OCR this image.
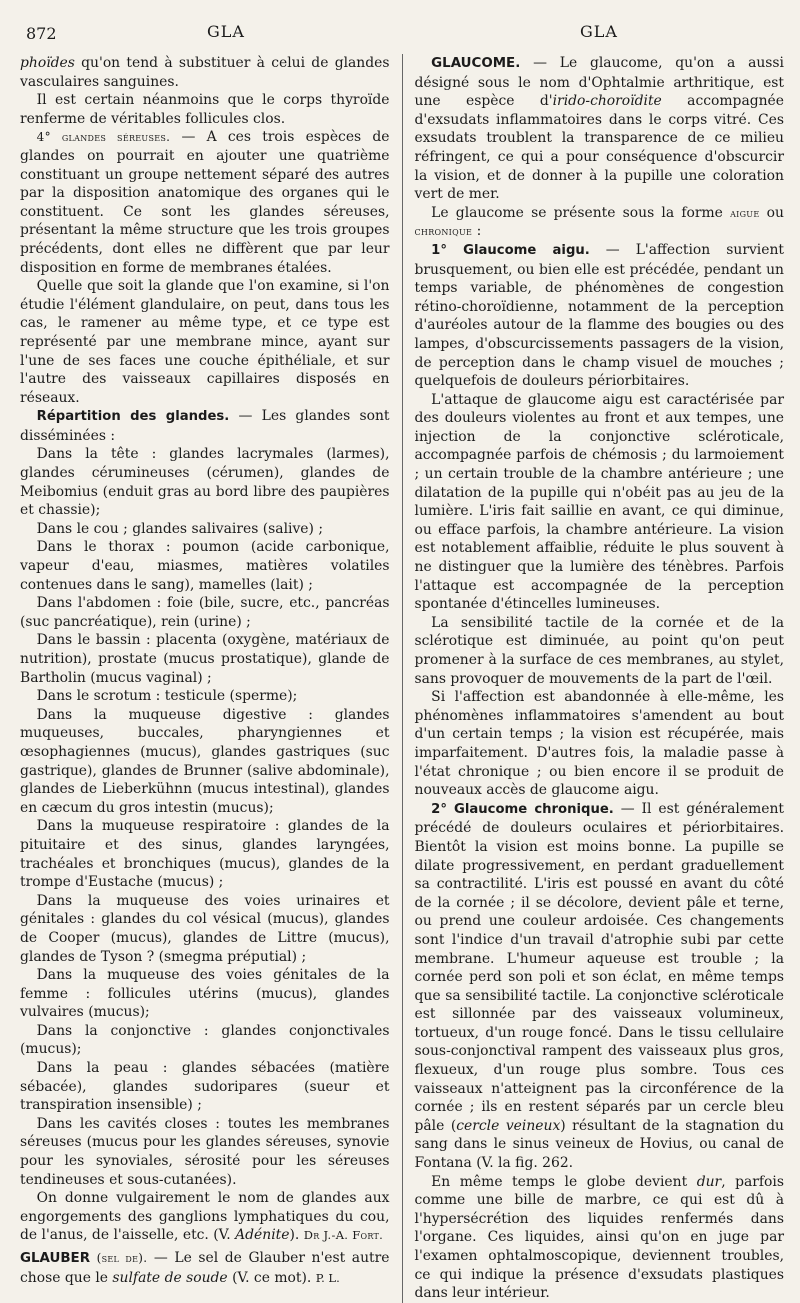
872	GLA	GLA

phoïdes qu'on tend à substituer à celui de glandes vasculaires sanguines.

Il est certain néanmoins que le corps thyroïde renferme de véritables follicules clos.

4° glandes séreuses. — A ces trois espèces de glandes on pourrait en ajouter une quatrième constituant un groupe nettement séparé des autres par la disposition anatomique des organes qui le constituent. Ce sont les glandes séreuses, présentant la même structure que les trois groupes précédents, dont elles ne diffèrent que par leur disposition en forme de membranes étalées.

Quelle que soit la glande que l'on examine, si l'on étudie l'élément glandulaire, on peut, dans tous les cas, le ramener au même type, et ce type est représenté par une membrane mince, ayant sur l'une de ses faces une couche épithéliale, et sur l'autre des vaisseaux capillaires disposés en réseaux.

Répartition des glandes. — Les glandes sont disséminées :

Dans la tête : glandes lacrymales (larmes), glandes cérumineuses (cérumen), glandes de Meibomius (enduit gras au bord libre des paupières et chassie);

Dans le cou ; glandes salivaires (salive) ;

Dans le thorax : poumon (acide carbonique, vapeur d'eau, miasmes, matières volatiles contenues dans le sang), mamelles (lait) ;

Dans l'abdomen : foie (bile, sucre, etc., pancréas (suc pancréatique), rein (urine) ;

Dans le bassin : placenta (oxygène, matériaux de nutrition), prostate (mucus prostatique), glande de Bartholin (mucus vaginal) ;

Dans le scrotum : testicule (sperme);

Dans la muqueuse digestive : glandes muqueuses, buccales, pharyngiennes et œsophagiennes (mucus), glandes gastriques (suc gastrique), glandes de Brunner (salive abdominale), glandes de Lieberkühnn (mucus intestinal), glandes en cæcum du gros intestin (mucus);

Dans la muqueuse respiratoire : glandes de la pituitaire et des sinus, glandes laryngées, trachéales et bronchiques (mucus), glandes de la trompe d'Eustache (mucus) ;

Dans la muqueuse des voies urinaires et génitales : glandes du col vésical (mucus), glandes de Cooper (mucus), glandes de Littre (mucus), glandes de Tyson ? (smegma préputial) ;

Dans la muqueuse des voies génitales de la femme : follicules utérins (mucus), glandes vulvaires (mucus);

Dans la conjonctive : glandes conjonctivales (mucus);

Dans la peau : glandes sébacées (matière sébacée), glandes sudoripares (sueur et transpiration insensible) ;

Dans les cavités closes : toutes les membranes séreuses (mucus pour les glandes séreuses, synovie pour les synoviales, sérosité pour les séreuses tendineuses et sous-cutanées).

On donne vulgairement le nom de glandes aux engorgements des ganglions lymphatiques du cou, de l'anus, de l'aisselle, etc. (V. Adénite). Dr J.-A. Fort.

GLAUBER (sel de). — Le sel de Glauber n'est autre chose que le sulfate de soude (V. ce mot). P. L.

GLAUCOME. — Le glaucome, qu'on a aussi désigné sous le nom d'Ophtalmie arthritique, est une espèce d'irido-choroïdite accompagnée d'exsudats inflammatoires dans le corps vitré. Ces exsudats troublent la transparence de ce milieu réfringent, ce qui a pour conséquence d'obscurcir la vision, et de donner à la pupille une coloration vert de mer.

Le glaucome se présente sous la forme aigue ou chronique :

1° Glaucome aigu. — L'affection survient brusquement, ou bien elle est précédée, pendant un temps variable, de phénomènes de congestion rétino-choroïdienne, notamment de la perception d'auréoles autour de la flamme des bougies ou des lampes, d'obscurcissements passagers de la vision, de perception dans le champ visuel de mouches ; quelquefois de douleurs périorbitaires.

L'attaque de glaucome aigu est caractérisée par des douleurs violentes au front et aux tempes, une injection de la conjonctive scléroticale, accompagnée parfois de chémosis ; du larmoiement ; un certain trouble de la chambre antérieure ; une dilatation de la pupille qui n'obéit pas au jeu de la lumière. L'iris fait saillie en avant, ce qui diminue, ou efface parfois, la chambre antérieure. La vision est notablement affaiblie, réduite le plus souvent à ne distinguer que la lumière des ténèbres. Parfois l'attaque est accompagnée de la perception spontanée d'étincelles lumineuses.

La sensibilité tactile de la cornée et de la sclérotique est diminuée, au point qu'on peut promener à la surface de ces membranes, au stylet, sans provoquer de mouvements de la part de l'œil.

Si l'affection est abandonnée à elle-même, les phénomènes inflammatoires s'amendent au bout d'un certain temps ; la vision est récupérée, mais imparfaitement. D'autres fois, la maladie passe à l'état chronique ; ou bien encore il se produit de nouveaux accès de glaucome aigu.

2° Glaucome chronique. — Il est généralement précédé de douleurs oculaires et périorbitaires. Bientôt la vision est moins bonne. La pupille se dilate progressivement, en perdant graduellement sa contractilité. L'iris est poussé en avant du côté de la cornée ; il se décolore, devient pâle et terne, ou prend une couleur ardoisée. Ces changements sont l'indice d'un travail d'atrophie subi par cette membrane. L'humeur aqueuse est trouble ; la cornée perd son poli et son éclat, en même temps que sa sensibilité tactile. La conjonctive scléroticale est sillonnée par des vaisseaux volumineux, tortueux, d'un rouge foncé. Dans le tissu cellulaire sous-conjonctival rampent des vaisseaux plus gros, flexueux, d'un rouge plus sombre. Tous ces vaisseaux n'atteignent pas la circonférence de la cornée ; ils en restent séparés par un cercle bleu pâle (cercle veineux) résultant de la stagnation du sang dans le sinus veineux de Hovius, ou canal de Fontana (V. la fig. 262.

En même temps le globe devient dur, parfois comme une bille de marbre, ce qui est dû à l'hypersécrétion des liquides renfermés dans l'organe. Ces liquides, ainsi qu'on en juge par l'examen ophtalmoscopique, deviennent troubles, ce qui indique la présence d'exsudats plastiques dans leur intérieur.
